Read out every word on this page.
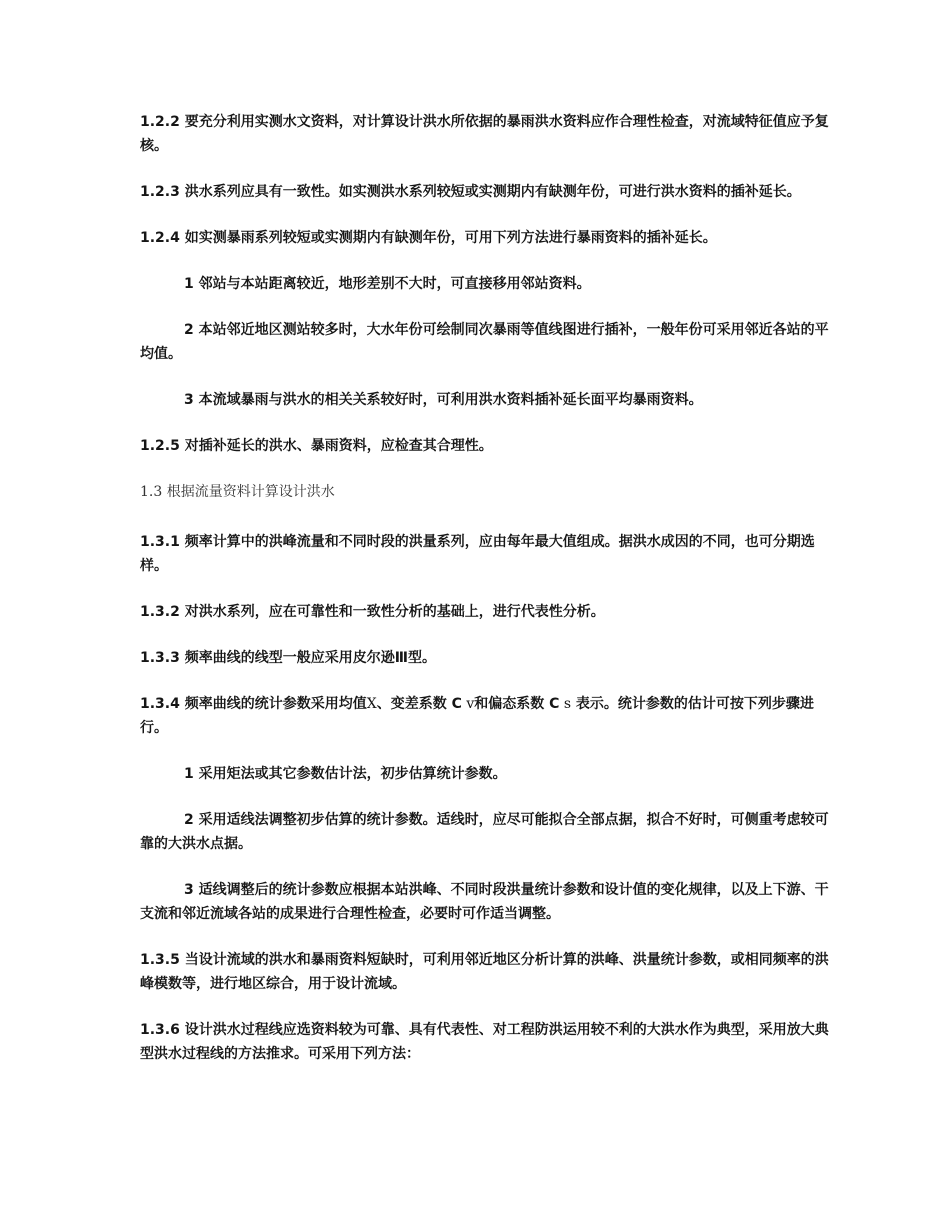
1.2.2 要充分利用实测水文资料，对计算设计洪水所依据的暴雨洪水资料应作合理性检查，对流域特征值应予复核。

1.2.3 洪水系列应具有一致性。如实测洪水系列较短或实测期内有缺测年份，可进行洪水资料的插补延长。

1.2.4 如实测暴雨系列较短或实测期内有缺测年份，可用下列方法进行暴雨资料的插补延长。

1 邻站与本站距离较近，地形差别不大时，可直接移用邻站资料。

2 本站邻近地区测站较多时，大水年份可绘制同次暴雨等值线图进行插补，一般年份可采用邻近各站的平均值。

3 本流域暴雨与洪水的相关关系较好时，可利用洪水资料插补延长面平均暴雨资料。

1.2.5 对插补延长的洪水、暴雨资料，应检查其合理性。

1.3 根据流量资料计算设计洪水

1.3.1 频率计算中的洪峰流量和不同时段的洪量系列，应由每年最大值组成。据洪水成因的不同，也可分期选样。

1.3.2 对洪水系列，应在可靠性和一致性分析的基础上，进行代表性分析。

1.3.3 频率曲线的线型一般应采用皮尔逊Ⅲ型。

1.3.4 频率曲线的统计参数采用均值X、变差系数 C v和偏态系数 C s 表示。统计参数的估计可按下列步骤进行。

1 采用矩法或其它参数估计法，初步估算统计参数。

2 采用适线法调整初步估算的统计参数。适线时，应尽可能拟合全部点据，拟合不好时，可侧重考虑较可靠的大洪水点据。

3 适线调整后的统计参数应根据本站洪峰、不同时段洪量统计参数和设计值的变化规律，以及上下游、干支流和邻近流域各站的成果进行合理性检查，必要时可作适当调整。

1.3.5 当设计流域的洪水和暴雨资料短缺时，可利用邻近地区分析计算的洪峰、洪量统计参数，或相同频率的洪峰模数等，进行地区综合，用于设计流域。

1.3.6 设计洪水过程线应选资料较为可靠、具有代表性、对工程防洪运用较不利的大洪水作为典型，采用放大典型洪水过程线的方法推求。可采用下列方法：
